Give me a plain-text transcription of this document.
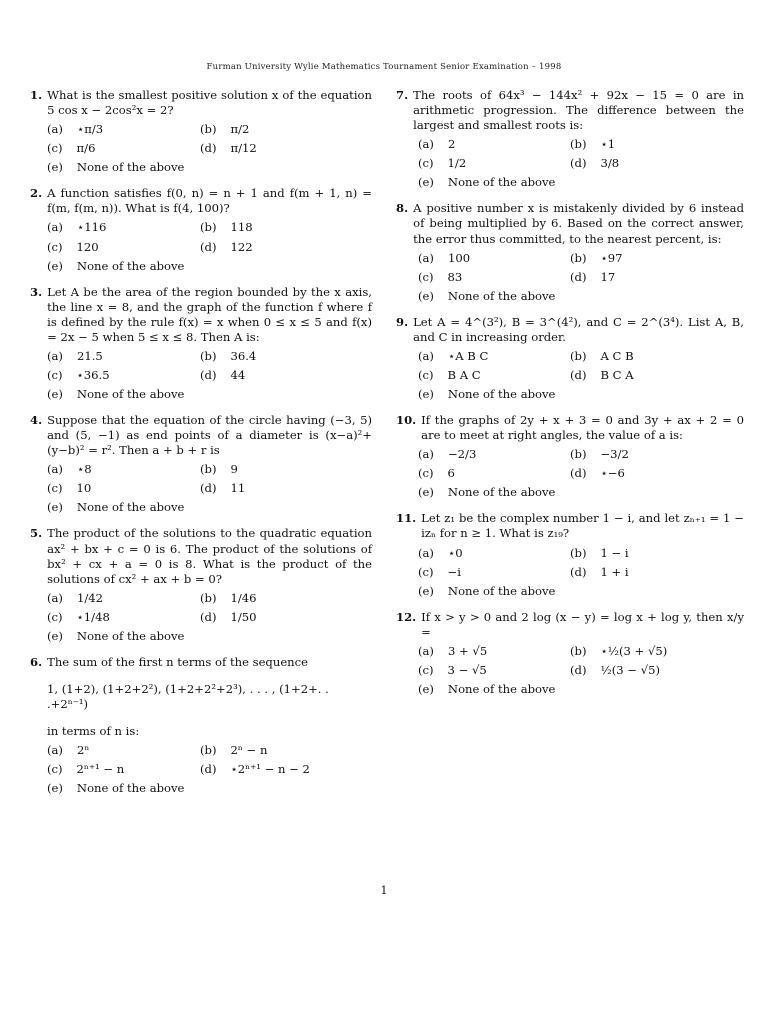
Furman University Wylie Mathematics Tournament Senior Examination – 1998
1. What is the smallest positive solution x of the equation 5 cos x − 2cos²x = 2?
(a) ⋆π/3	(b) π/2
(c) π/6	(d) π/12
(e) None of the above
2. A function satisfies f(0, n) = n + 1 and f(m + 1, n) = f(m, f(m, n)). What is f(4, 100)?
(a) ⋆116	(b) 118
(c) 120	(d) 122
(e) None of the above
3. Let A be the area of the region bounded by the x axis, the line x = 8, and the graph of the function f where f is defined by the rule f(x) = x when 0 ≤ x ≤ 5 and f(x) = 2x − 5 when 5 ≤ x ≤ 8. Then A is:
(a) 21.5	(b) 36.4
(c) ⋆36.5	(d) 44
(e) None of the above
4. Suppose that the equation of the circle having (−3, 5) and (5, −1) as end points of a diameter is (x−a)²+(y−b)² = r². Then a + b + r is
(a) ⋆8	(b) 9
(c) 10	(d) 11
(e) None of the above
5. The product of the solutions to the quadratic equation ax² + bx + c = 0 is 6. The product of the solutions of bx² + cx + a = 0 is 8. What is the product of the solutions of cx² + ax + b = 0?
(a) 1/42	(b) 1/46
(c) ⋆1/48	(d) 1/50
(e) None of the above
6. The sum of the first n terms of the sequence
1, (1+2), (1+2+2²), (1+2+2²+2³), . . . , (1+2+. . .+2ⁿ⁻¹)
in terms of n is:
(a) 2ⁿ	(b) 2ⁿ − n
(c) 2ⁿ⁺¹ − n	(d) ⋆2ⁿ⁺¹ − n − 2
(e) None of the above
7. The roots of 64x³ − 144x² + 92x − 15 = 0 are in arithmetic progression. The difference between the largest and smallest roots is:
(a) 2	(b) ⋆1
(c) 1/2	(d) 3/8
(e) None of the above
8. A positive number x is mistakenly divided by 6 instead of being multiplied by 6. Based on the correct answer, the error thus committed, to the nearest percent, is:
(a) 100	(b) ⋆97
(c) 83	(d) 17
(e) None of the above
9. Let A = 4^(3²), B = 3^(4²), and C = 2^(3⁴). List A, B, and C in increasing order.
(a) ⋆A B C	(b) A C B
(c) B A C	(d) B C A
(e) None of the above
10. If the graphs of 2y + x + 3 = 0 and 3y + ax + 2 = 0 are to meet at right angles, the value of a is:
(a) −2/3	(b) −3/2
(c) 6	(d) ⋆−6
(e) None of the above
11. Let z₁ be the complex number 1 − i, and let zₙ₊₁ = 1 − izₙ for n ≥ 1. What is z₁₉?
(a) ⋆0	(b) 1 − i
(c) −i	(d) 1 + i
(e) None of the above
12. If x > y > 0 and 2 log (x − y) = log x + log y, then x/y =
(a) 3 + √5	(b) ⋆½(3 + √5)
(c) 3 − √5	(d) ½(3 − √5)
(e) None of the above
1
